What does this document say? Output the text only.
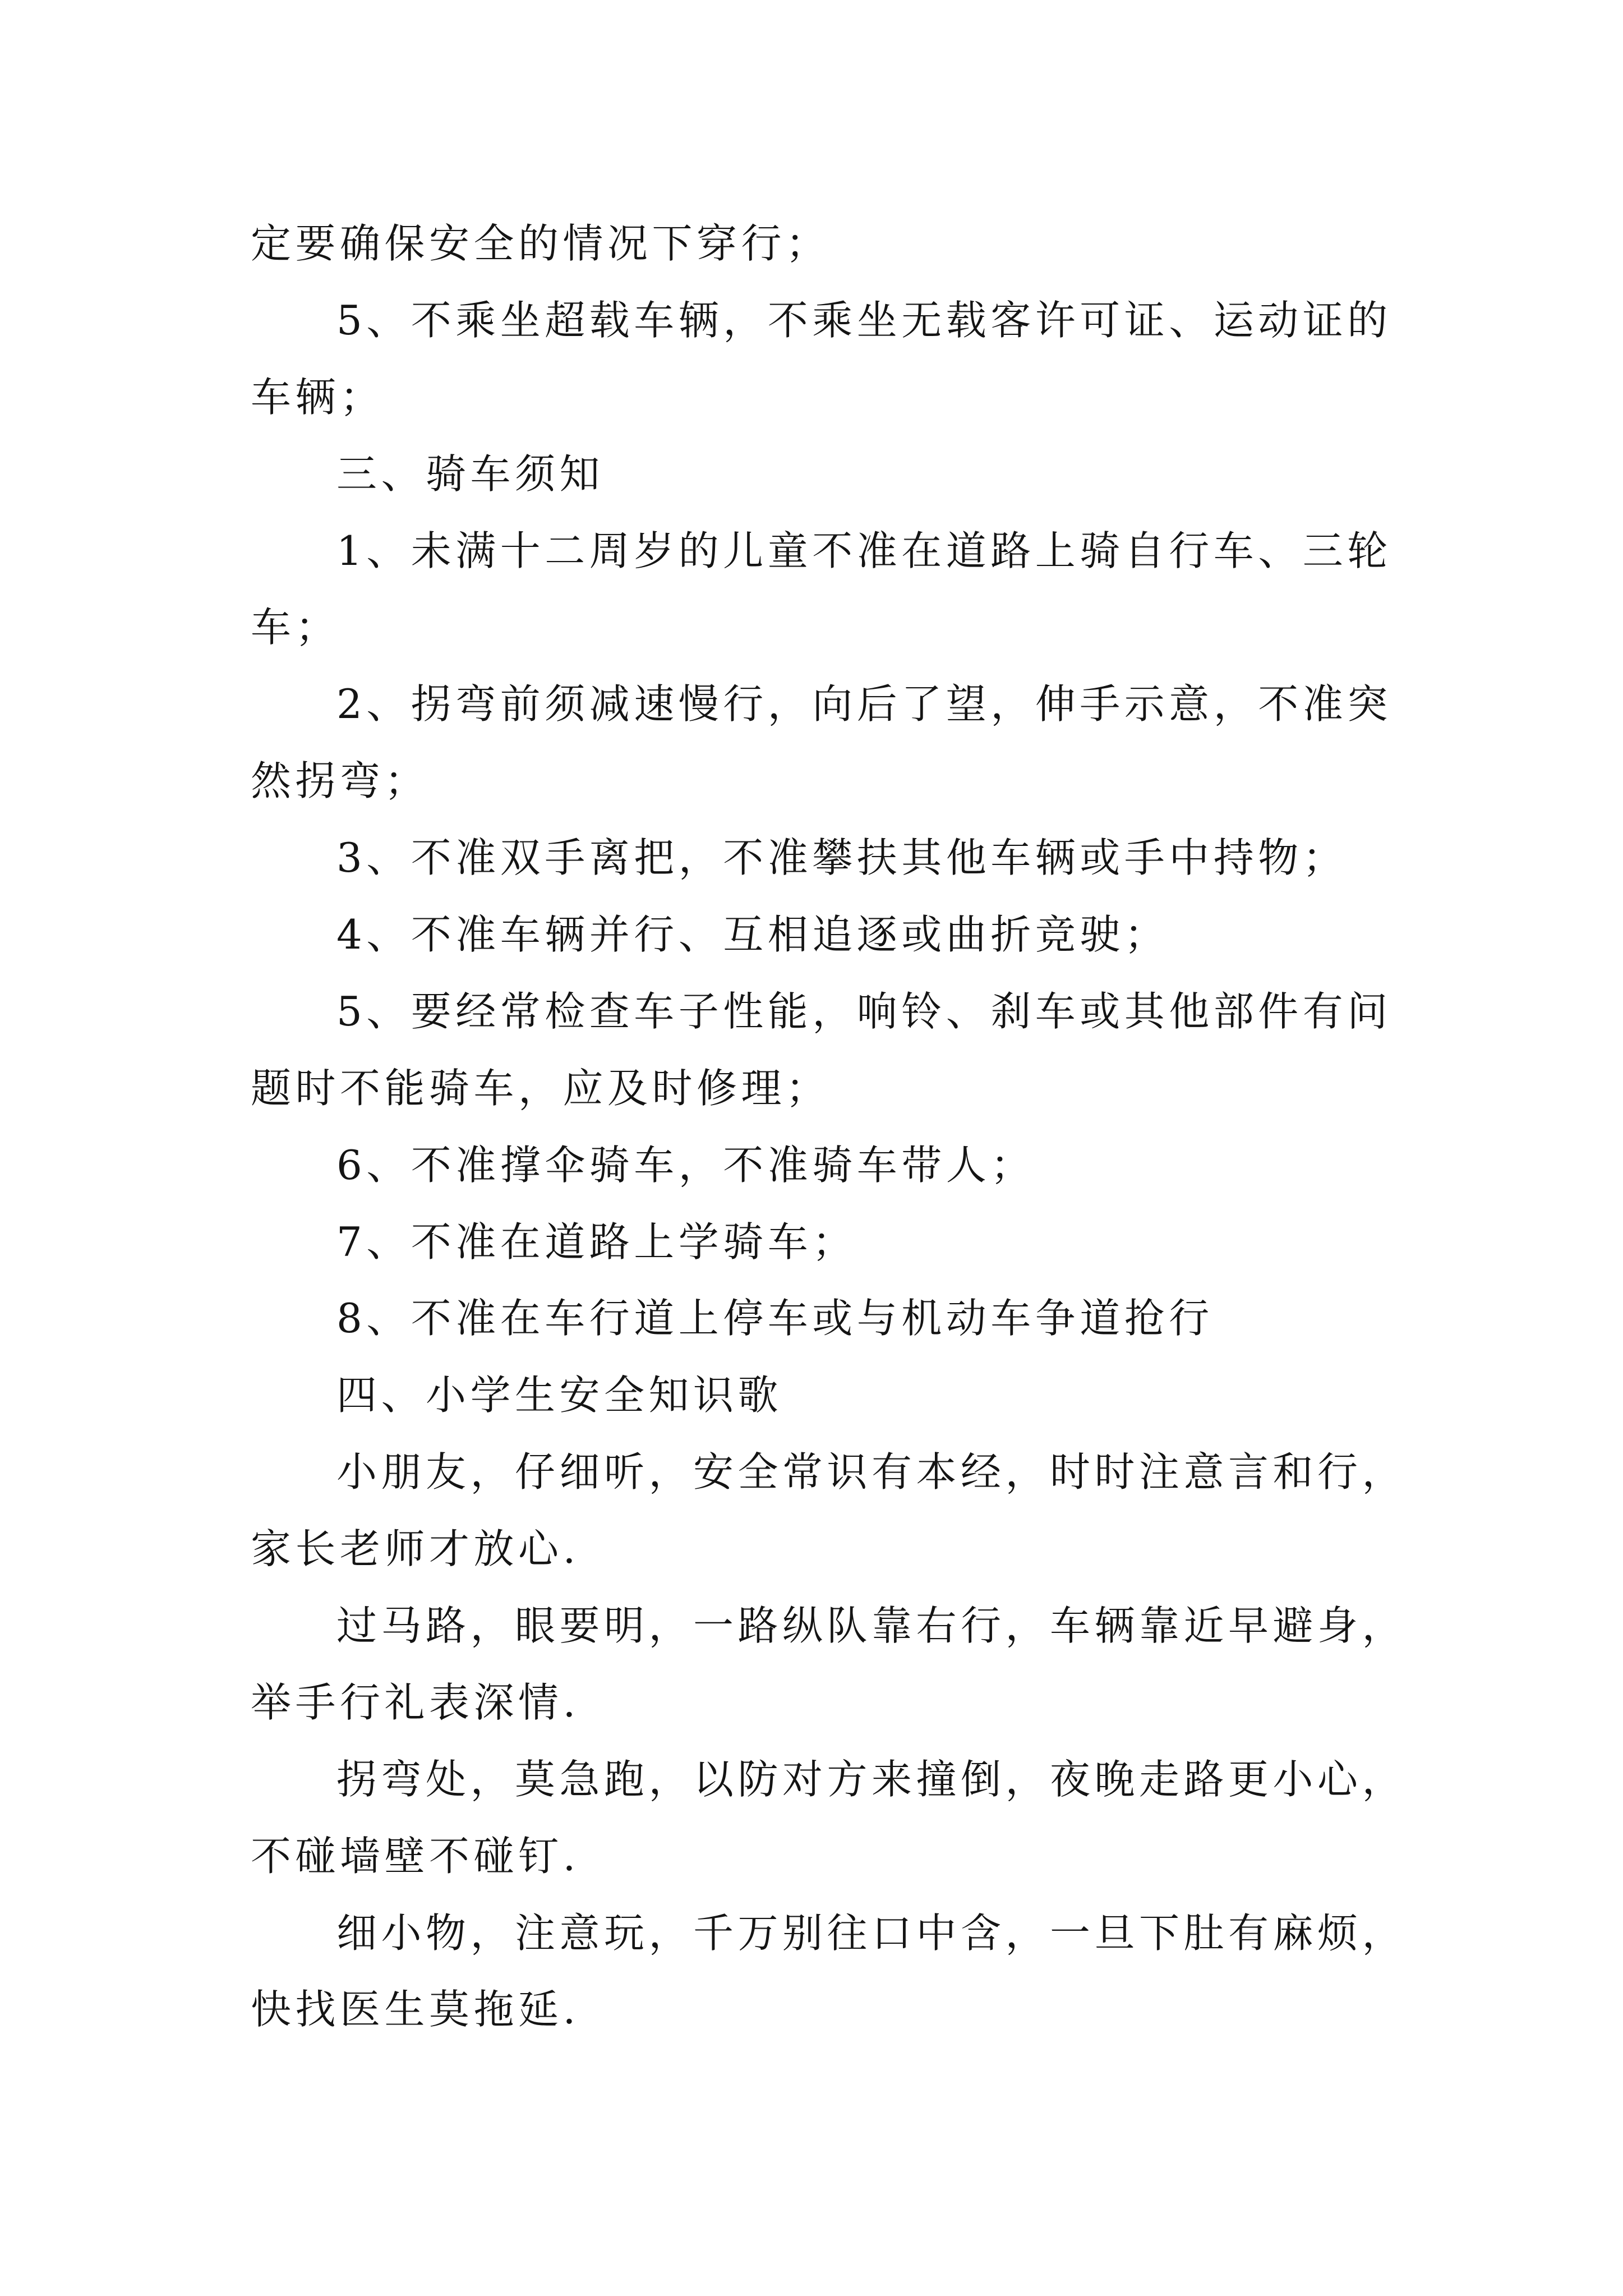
定要确保安全的情况下穿行；
5、不乘坐超载车辆，不乘坐无载客许可证、运动证的
车辆；
三、骑车须知
1、未满十二周岁的儿童不准在道路上骑自行车、三轮
车；
2、拐弯前须减速慢行，向后了望，伸手示意，不准突
然拐弯；
3、不准双手离把，不准攀扶其他车辆或手中持物；
4、不准车辆并行、互相追逐或曲折竞驶；
5、要经常检查车子性能，响铃、刹车或其他部件有问
题时不能骑车，应及时修理；
6、不准撑伞骑车，不准骑车带人；
7、不准在道路上学骑车；
8、不准在车行道上停车或与机动车争道抢行
四、小学生安全知识歌
小朋友，仔细听，安全常识有本经，时时注意言和行，
家长老师才放心.
过马路，眼要明，一路纵队靠右行，车辆靠近早避身，
举手行礼表深情.
拐弯处，莫急跑，以防对方来撞倒，夜晚走路更小心，
不碰墙壁不碰钉.
细小物，注意玩，千万别往口中含，一旦下肚有麻烦，
快找医生莫拖延.
